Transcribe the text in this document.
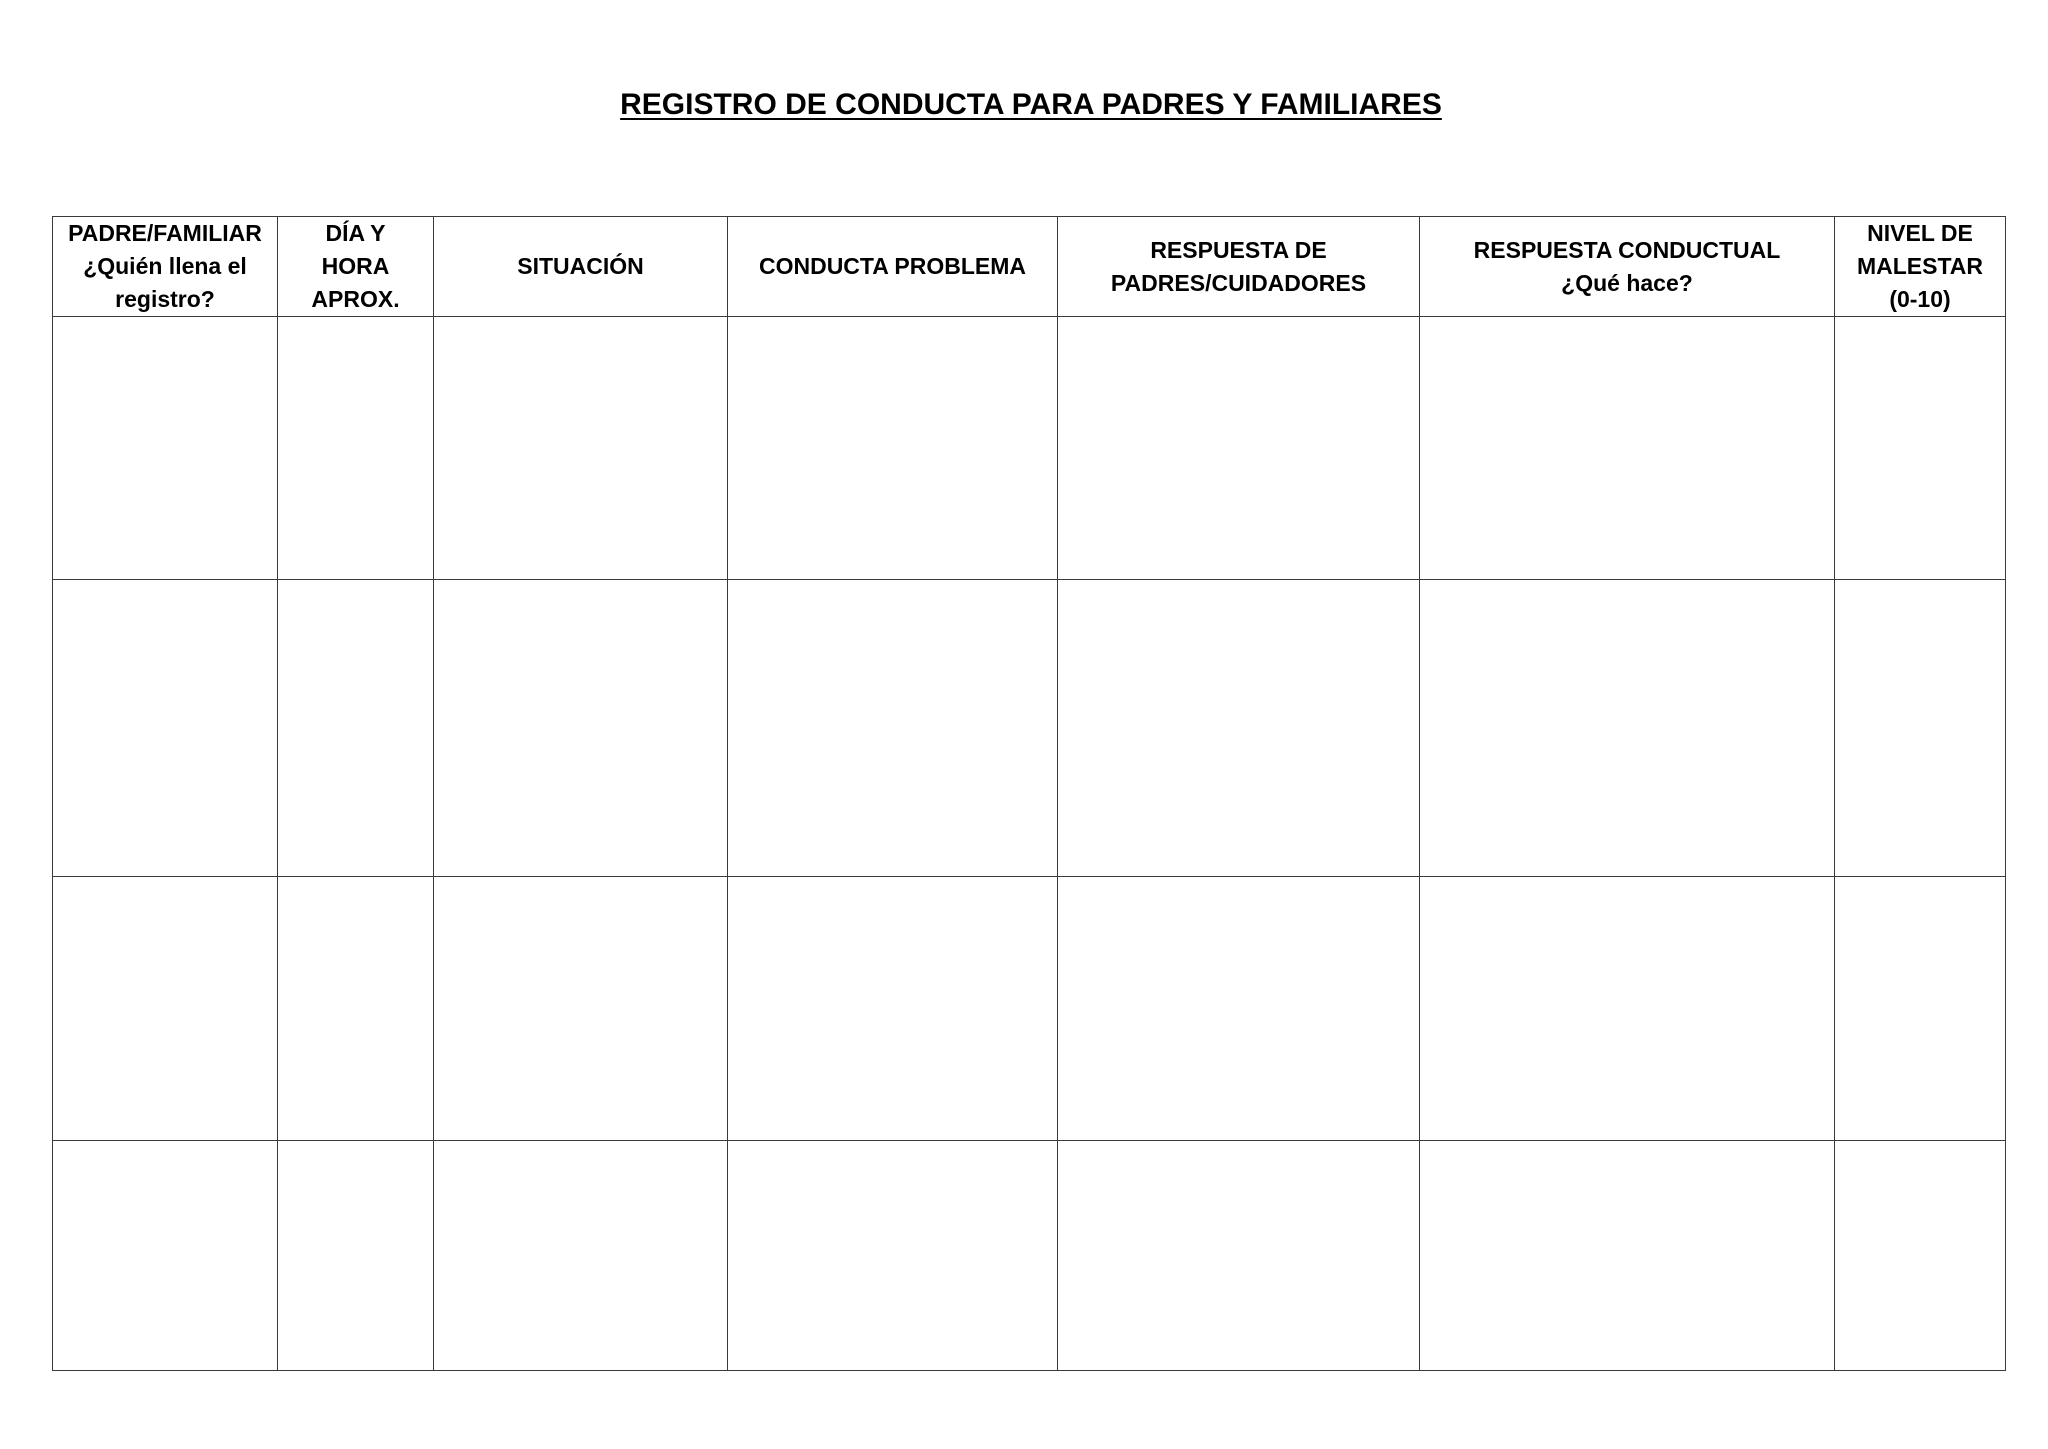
REGISTRO DE CONDUCTA PARA PADRES Y FAMILIARES
PADRE/FAMILIAR
¿Quién llena el
registro?	DÍA Y
HORA
APROX.	SITUACIÓN	CONDUCTA PROBLEMA	RESPUESTA DE
PADRES/CUIDADORES	RESPUESTA CONDUCTUAL
¿Qué hace?	NIVEL DE
MALESTAR
(0-10)
